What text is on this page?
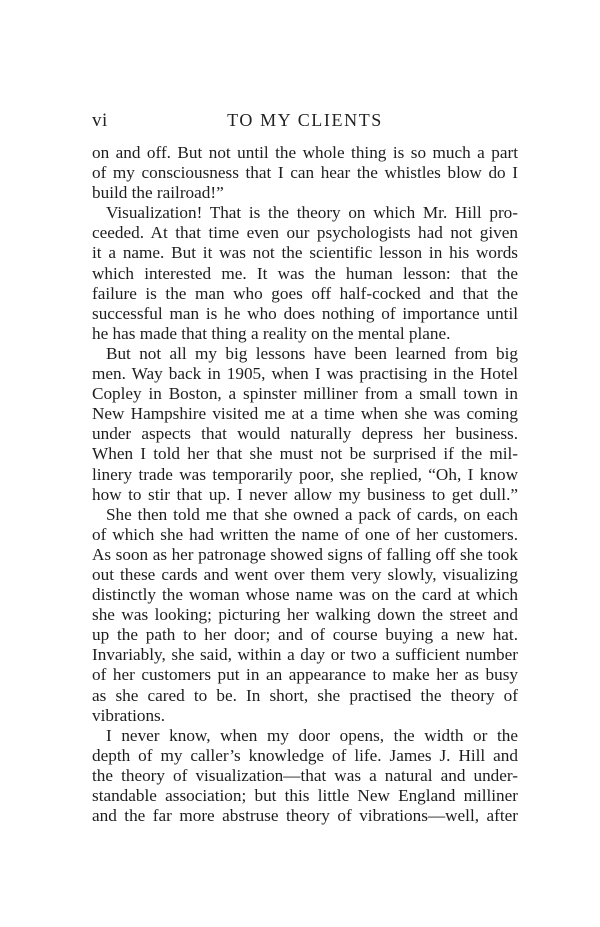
vi	TO MY CLIENTS
on and off. But not until the whole thing is so much a part
of my consciousness that I can hear the whistles blow do I
build the railroad!”
Visualization! That is the theory on which Mr. Hill pro-
ceeded. At that time even our psychologists had not given
it a name. But it was not the scientific lesson in his words
which interested me. It was the human lesson: that the
failure is the man who goes off half-cocked and that the
successful man is he who does nothing of importance until
he has made that thing a reality on the mental plane.
But not all my big lessons have been learned from big
men. Way back in 1905, when I was practising in the Hotel
Copley in Boston, a spinster milliner from a small town in
New Hampshire visited me at a time when she was coming
under aspects that would naturally depress her business.
When I told her that she must not be surprised if the mil-
linery trade was temporarily poor, she replied, “Oh, I know
how to stir that up. I never allow my business to get dull.”
She then told me that she owned a pack of cards, on each
of which she had written the name of one of her customers.
As soon as her patronage showed signs of falling off she took
out these cards and went over them very slowly, visualizing
distinctly the woman whose name was on the card at which
she was looking; picturing her walking down the street and
up the path to her door; and of course buying a new hat.
Invariably, she said, within a day or two a sufficient number
of her customers put in an appearance to make her as busy
as she cared to be. In short, she practised the theory of
vibrations.
I never know, when my door opens, the width or the
depth of my caller’s knowledge of life. James J. Hill and
the theory of visualization—that was a natural and under-
standable association; but this little New England milliner
and the far more abstruse theory of vibrations—well, after
